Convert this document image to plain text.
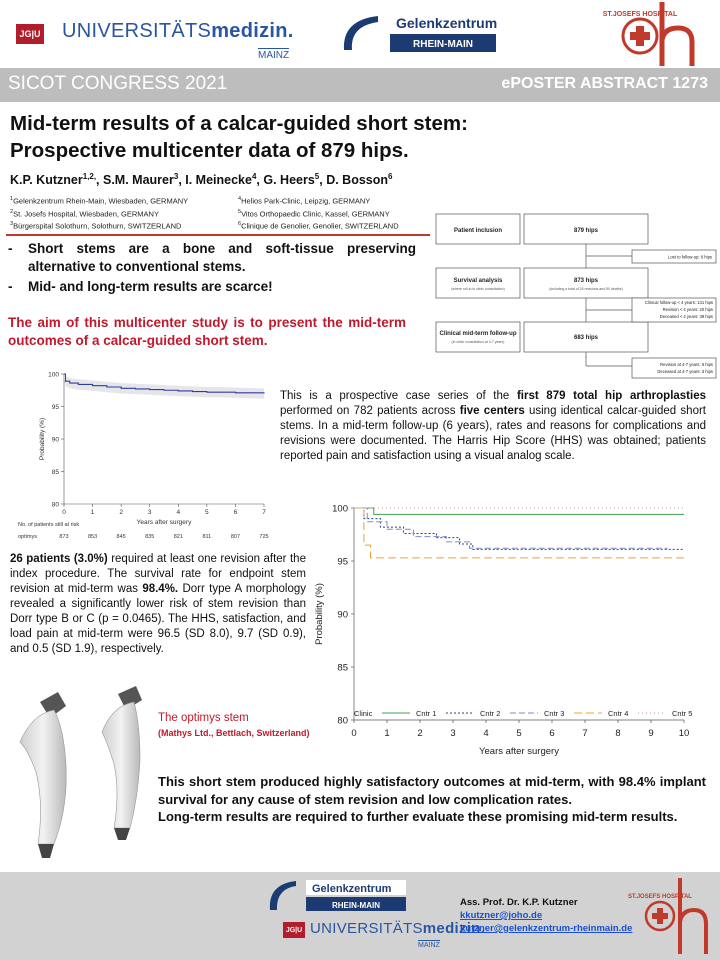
JG|U UNIVERSITÄTSmedizin.
MAINZ
Gelenkzentrum
RHEIN-MAIN
ST.JOSEFS HOSPITAL
SICOT CONGRESS 2021	ePOSTER ABSTRACT 1273
Mid-term results of a calcar-guided short stem:
Prospective multicenter data of 879 hips.
K.P. Kutzner$^{1,2,}$, S.M. Maurer$^3$, I. Meinecke$^4$, G. Heers$^5$, D. Bosson$^6$
$^1$Gelenkzentrum Rhein-Main, Wiesbaden, GERMANY
$^2$St. Josefs Hospital, Wiesbaden, GERMANY
$^3$Bürgerspital Solothurn, Solothurn, SWITZERLAND
$^4$Helios Park-Clinic, Leipzig, GERMANY
$^5$Vitos Orthopaedic Clinic, Kassel, GERMANY
$^6$Clinique de Genolier, Genolier, SWITZERLAND
-	Short stems are a bone and soft-tissue preserving alternative to conventional stems.
-	Mid- and long-term results are scarce!
The aim of this multicenter study is to present the mid-term outcomes of a calcar-guided short stem.
Patient inclusion	879 hips
Survival analysis
(where roll-in in clinic consultation)
873 hips
(including a total of 26 revisions and 50 deaths)
Clinical mid-term follow-up
(in clinic consultation at 4-7 years)
683 hips
Lost to follow-up: 6 hips
Clinical follow-up < 4 years: 131 hips
Revision < 4 years: 20 hips
Deceased < 4 years: 39 hips
Revision at 4-7 years: 6 hips
Deceased at 4-7 years: 3 hips
80
85
90
95
100
0	1	2	3	4	5	6	7
Probability (%)
Years after surgery
No. of patients still at risk
optimys	873	853	845	835	821	811	807	725
This is a prospective case series of the first 879 total hip arthroplasties performed on 782 patients across five centers using identical calcar-guided short stems. In a mid-term follow-up (6 years), rates and reasons for complications and revisions were documented. The Harris Hip Score (HHS) was obtained; patients reported pain and satisfaction using a visual analog scale.
26 patients (3.0%) required at least one revision after the index procedure. The survival rate for endpoint stem revision at mid-term was 98.4%. Dorr type A morphology revealed a significantly lower risk of stem revision than Dorr type B or C (p = 0.0465). The HHS, satisfaction, and load pain at mid-term were 96.5 (SD 8.0), 9.7 (SD 0.9), and 0.5 (SD 1.9), respectively.
80
85
90
95
100
0	1	2	3	4	5	6	7	8	9	10
Probability (%)
Years after surgery
Clinic	Cntr 1	Cntr 2	Cntr 3	Cntr 4	Cntr 5
The optimys stem
(Mathys Ltd., Bettlach, Switzerland)
This short stem produced highly satisfactory outcomes at mid-term, with 98.4% implant survival for any cause of stem revision and low complication rates.
Long-term results are required to further evaluate these promising mid-term results.
Gelenkzentrum
RHEIN-MAIN
JG|U UNIVERSITÄTSmedizin.
MAINZ
Ass. Prof. Dr. K.P. Kutzner
kkutzner@joho.de
kutzner@gelenkzentrum-rheinmain.de
ST.JOSEFS HOSPITAL
